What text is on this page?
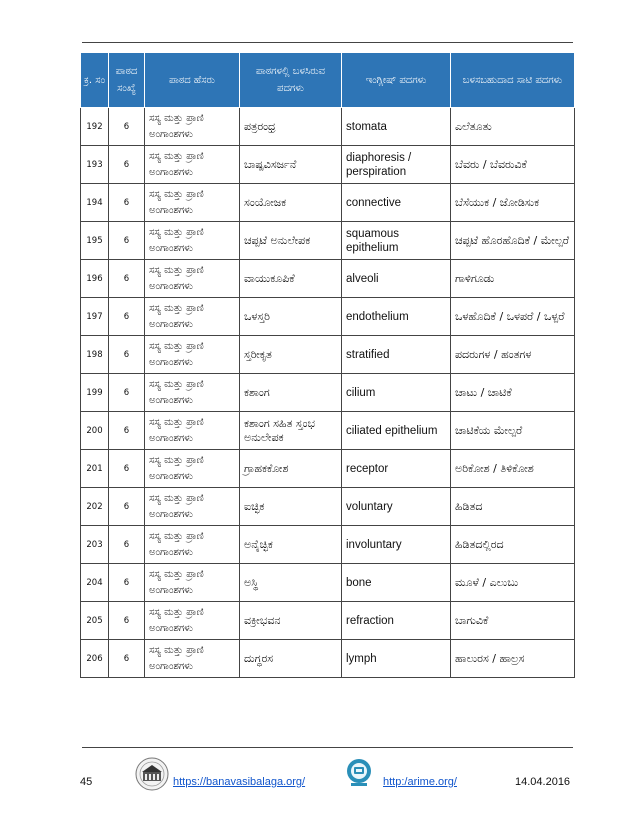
ಕ್ರ. ಸಂ	ಪಾಠದ ಸಂಖ್ಯೆ	ಪಾಠದ ಹೆಸರು	ಪಾಠಗಳಲ್ಲಿ ಬಳಸಿರುವ ಪದಗಳು	ಇಂಗ್ಲೀಷ್ ಪದಗಳು	ಬಳಸಬಹುದಾದ ಸಾಟಿ ಪದಗಳು
192	6	ಸಸ್ಯ ಮತ್ತು ಪ್ರಾಣಿ ಅಂಗಾಂಶಗಳು	ಪತ್ರರಂಧ್ರ	stomata	ಎಲೆತೂತು
193	6	ಸಸ್ಯ ಮತ್ತು ಪ್ರಾಣಿ ಅಂಗಾಂಶಗಳು	ಬಾಷ್ಪವಿಸರ್ಜನೆ	diaphoresis / perspiration	ಬೆವರು / ಬೆವರುವಿಕೆ
194	6	ಸಸ್ಯ ಮತ್ತು ಪ್ರಾಣಿ ಅಂಗಾಂಶಗಳು	ಸಂಯೋಜಕ	connective	ಬೆಸೆಯುಕ / ಜೋಡಿಸುಕ
195	6	ಸಸ್ಯ ಮತ್ತು ಪ್ರಾಣಿ ಅಂಗಾಂಶಗಳು	ಚಪ್ಪಟೆ ಅನುಲೇಪಕ	squamous epithelium	ಚಪ್ಪಟೆ ಹೊರಹೊದಿಕೆ / ಮೇಲ್ಪರೆ
196	6	ಸಸ್ಯ ಮತ್ತು ಪ್ರಾಣಿ ಅಂಗಾಂಶಗಳು	ವಾಯುಕೂಪಿಕೆ	alveoli	ಗಾಳಿಗೂಡು
197	6	ಸಸ್ಯ ಮತ್ತು ಪ್ರಾಣಿ ಅಂಗಾಂಶಗಳು	ಒಳಸ್ತರಿ	endothelium	ಒಳಹೊದಿಕೆ / ಒಳಪರೆ / ಒಳ್ಪರೆ
198	6	ಸಸ್ಯ ಮತ್ತು ಪ್ರಾಣಿ ಅಂಗಾಂಶಗಳು	ಸ್ತರೀಕೃತ	stratified	ಪದರುಗಳ / ಹಂತಗಳ
199	6	ಸಸ್ಯ ಮತ್ತು ಪ್ರಾಣಿ ಅಂಗಾಂಶಗಳು	ಕಶಾಂಗ	cilium	ಚಾಟು / ಚಾಟಿಕೆ
200	6	ಸಸ್ಯ ಮತ್ತು ಪ್ರಾಣಿ ಅಂಗಾಂಶಗಳು	ಕಶಾಂಗ ಸಹಿತ ಸ್ತಂಭ ಅನುಲೇಪಕ	ciliated epithelium	ಚಾಟಿಕೆಯ ಮೇಲ್ಪರೆ
201	6	ಸಸ್ಯ ಮತ್ತು ಪ್ರಾಣಿ ಅಂಗಾಂಶಗಳು	ಗ್ರಾಹಕಕೋಶ	receptor	ಅರಿಕೋಶ / ತಿಳಿಕೋಶ
202	6	ಸಸ್ಯ ಮತ್ತು ಪ್ರಾಣಿ ಅಂಗಾಂಶಗಳು	ಐಚ್ಛಿಕ	voluntary	ಹಿಡಿತದ
203	6	ಸಸ್ಯ ಮತ್ತು ಪ್ರಾಣಿ ಅಂಗಾಂಶಗಳು	ಅನೈಚ್ಛಿಕ	involuntary	ಹಿಡಿತದಲ್ಲಿರದ
204	6	ಸಸ್ಯ ಮತ್ತು ಪ್ರಾಣಿ ಅಂಗಾಂಶಗಳು	ಅಸ್ಥಿ	bone	ಮೂಳೆ / ಎಲುಬು
205	6	ಸಸ್ಯ ಮತ್ತು ಪ್ರಾಣಿ ಅಂಗಾಂಶಗಳು	ವಕ್ರೀಭವನ	refraction	ಬಾಗುವಿಕೆ
206	6	ಸಸ್ಯ ಮತ್ತು ಪ್ರಾಣಿ ಅಂಗಾಂಶಗಳು	ದುಗ್ಧರಸ	lymph	ಹಾಲುರಸ / ಹಾಲ್ರಸ
45	https://banavasibalaga.org/	http:/arime.org/	14.04.2016
